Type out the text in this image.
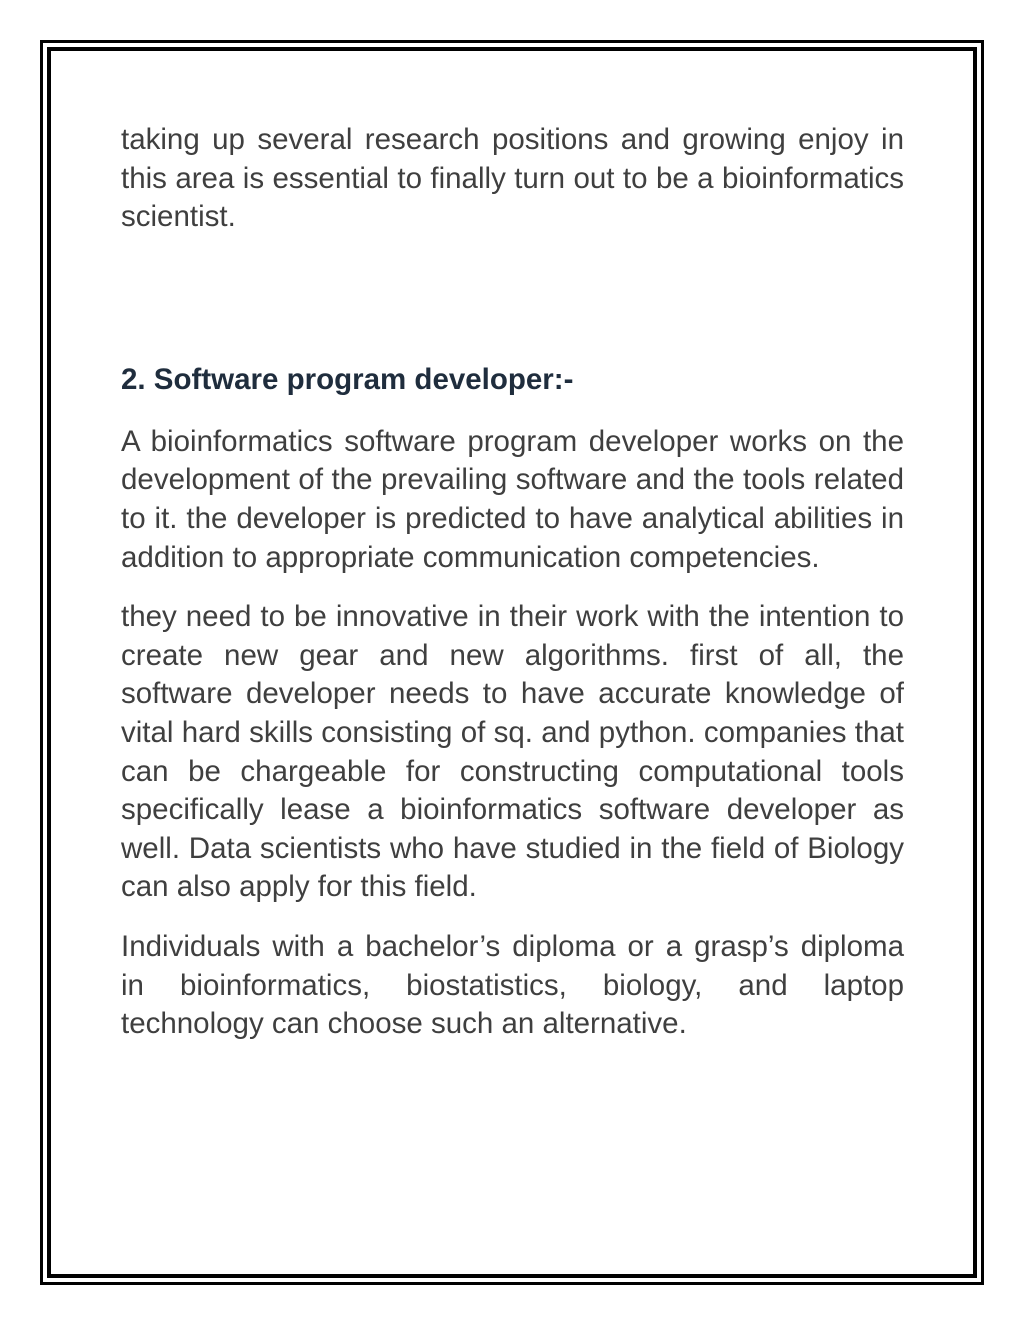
taking up several research positions and growing enjoy in this area is essential to finally turn out to be a bioinformatics scientist.

2. Software program developer:-

A bioinformatics software program developer works on the development of the prevailing software and the tools related to it. the developer is predicted to have analytical abilities in addition to appropriate communication competencies.

they need to be innovative in their work with the intention to create new gear and new algorithms. first of all, the software developer needs to have accurate knowledge of vital hard skills consisting of sq. and python. companies that can be chargeable for constructing computational tools specifically lease a bioinformatics software developer as well. Data scientists who have studied in the field of Biology can also apply for this field.

Individuals with a bachelor’s diploma or a grasp’s diploma in bioinformatics, biostatistics, biology, and laptop technology can choose such an alternative.
